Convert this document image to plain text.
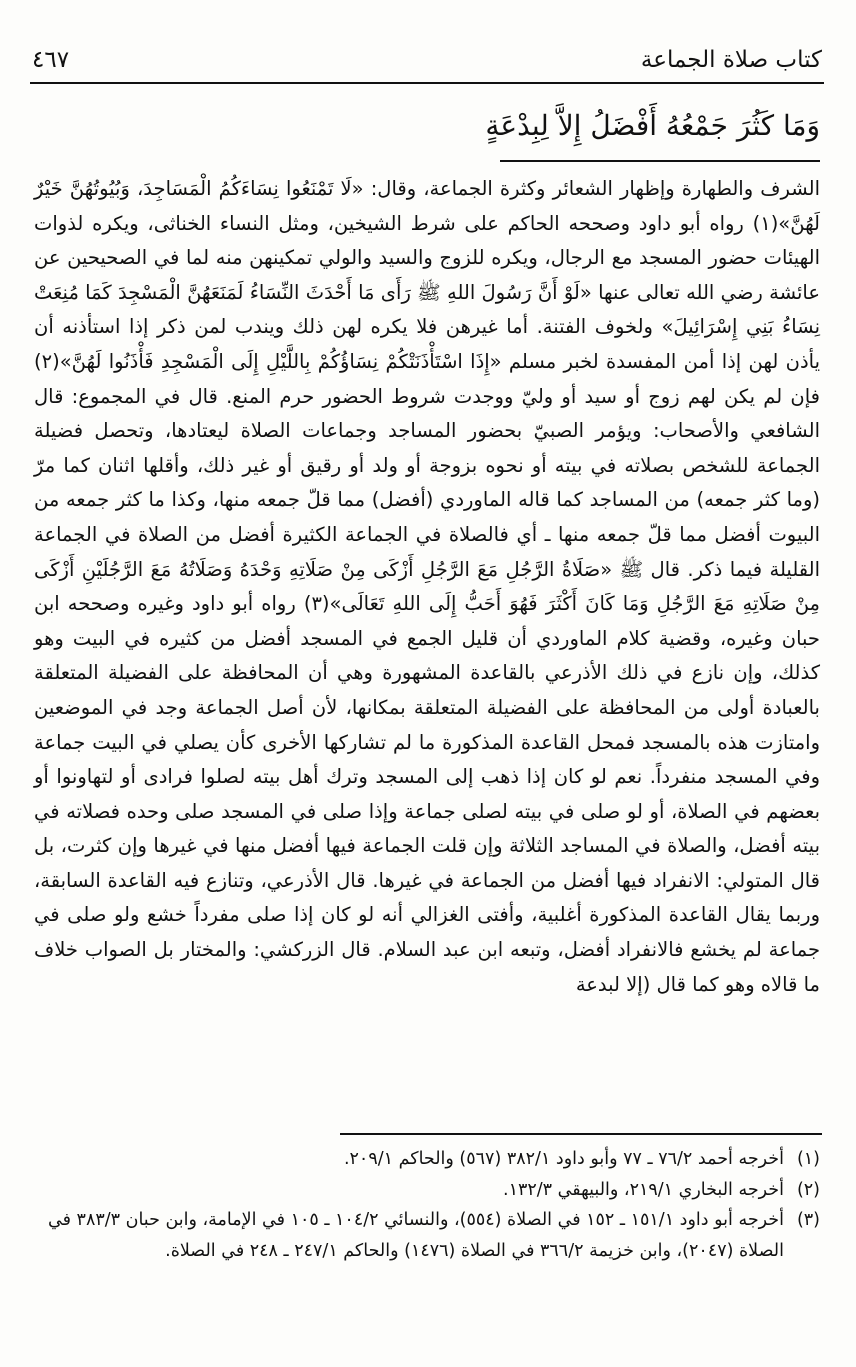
كتاب صلاة الجماعة
٤٦٧
وَمَا كَثُرَ جَمْعُهُ أَفْضَلُ إِلاَّ لِبِدْعَةٍ

الشرف والطهارة وإظهار الشعائر وكثرة الجماعة، وقال: «لَا تَمْنَعُوا نِسَاءَكُمُ الْمَسَاجِدَ، وَبُيُوتُهُنَّ خَيْرٌ لَهُنَّ»(١) رواه أبو داود وصححه الحاكم على شرط الشيخين، ومثل النساء الخناثى، ويكره لذوات الهيئات حضور المسجد مع الرجال، ويكره للزوج والسيد والولي تمكينهن منه لما في الصحيحين عن عائشة رضي الله تعالى عنها «لَوْ أَنَّ رَسُولَ اللهِ ﷺ رَأَى مَا أَحْدَثَ النِّسَاءُ لَمَنَعَهُنَّ الْمَسْجِدَ كَمَا مُنِعَتْ نِسَاءُ بَنِي إِسْرَائِيلَ» ولخوف الفتنة. أما غيرهن فلا يكره لهن ذلك ويندب لمن ذكر إذا استأذنه أن يأذن لهن إذا أمن المفسدة لخبر مسلم «إِذَا اسْتَأْذَنَتْكُمْ نِسَاؤُكُمْ بِاللَّيْلِ إِلَى الْمَسْجِدِ فَأْذَنُوا لَهُنَّ»(٢) فإن لم يكن لهم زوج أو سيد أو وليّ ووجدت شروط الحضور حرم المنع. قال في المجموع: قال الشافعي والأصحاب: ويؤمر الصبيّ بحضور المساجد وجماعات الصلاة ليعتادها، وتحصل فضيلة الجماعة للشخص بصلاته في بيته أو نحوه بزوجة أو ولد أو رقيق أو غير ذلك، وأقلها اثنان كما مرّ (وما كثر جمعه) من المساجد كما قاله الماوردي (أفضل) مما قلّ جمعه منها، وكذا ما كثر جمعه من البيوت أفضل مما قلّ جمعه منها ـ أي فالصلاة في الجماعة الكثيرة أفضل من الصلاة في الجماعة القليلة فيما ذكر. قال ﷺ «صَلَاةُ الرَّجُلِ مَعَ الرَّجُلِ أَزْكَى مِنْ صَلَاتِهِ وَحْدَهُ وَصَلَاتُهُ مَعَ الرَّجُلَيْنِ أَزْكَى مِنْ صَلَاتِهِ مَعَ الرَّجُلِ وَمَا كَانَ أَكْثَرَ فَهُوَ أَحَبُّ إِلَى اللهِ تَعَالَى»(٣) رواه أبو داود وغيره وصححه ابن حبان وغيره، وقضية كلام الماوردي أن قليل الجمع في المسجد أفضل من كثيره في البيت وهو كذلك، وإن نازع في ذلك الأذرعي بالقاعدة المشهورة وهي أن المحافظة على الفضيلة المتعلقة بالعبادة أولى من المحافظة على الفضيلة المتعلقة بمكانها، لأن أصل الجماعة وجد في الموضعين وامتازت هذه بالمسجد فمحل القاعدة المذكورة ما لم تشاركها الأخرى كأن يصلي في البيت جماعة وفي المسجد منفرداً. نعم لو كان إذا ذهب إلى المسجد وترك أهل بيته لصلوا فرادى أو لتهاونوا أو بعضهم في الصلاة، أو لو صلى في بيته لصلى جماعة وإذا صلى في المسجد صلى وحده فصلاته في بيته أفضل، والصلاة في المساجد الثلاثة وإن قلت الجماعة فيها أفضل منها في غيرها وإن كثرت، بل قال المتولي: الانفراد فيها أفضل من الجماعة في غيرها. قال الأذرعي، وتنازع فيه القاعدة السابقة، وربما يقال القاعدة المذكورة أغلبية، وأفتى الغزالي أنه لو كان إذا صلى مفرداً خشع ولو صلى في جماعة لم يخشع فالانفراد أفضل، وتبعه ابن عبد السلام. قال الزركشي: والمختار بل الصواب خلاف ما قالاه وهو كما قال (إلا لبدعة

(١)
أخرجه أحمد ٧٦/٢ ـ ٧٧ وأبو داود ٣٨٢/١ (٥٦٧) والحاكم ٢٠٩/١.
(٢)
أخرجه البخاري ٢١٩/١، والبيهقي ١٣٢/٣.
(٣)
أخرجه أبو داود ١٥١/١ ـ ١٥٢ في الصلاة (٥٥٤)، والنسائي ١٠٤/٢ ـ ١٠٥ في الإمامة، وابن حبان ٣٨٣/٣ في الصلاة (٢٠٤٧)، وابن خزيمة ٣٦٦/٢ في الصلاة (١٤٧٦) والحاكم ٢٤٧/١ ـ ٢٤٨ في الصلاة.
